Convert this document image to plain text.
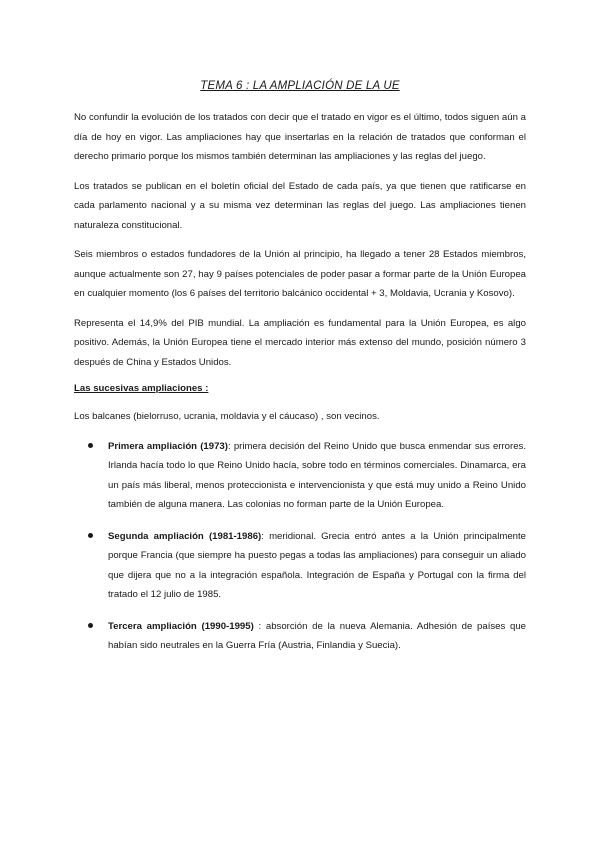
TEMA 6 : LA AMPLIACIÓN DE LA UE

No confundir la evolución de los tratados con decir que el tratado en vigor es el último, todos siguen aún a día de hoy en vigor. Las ampliaciones hay que insertarlas en la relación de tratados que conforman el derecho primario porque los mismos también determinan las ampliaciones y las reglas del juego.

Los tratados se publican en el boletín oficial del Estado de cada país, ya que tienen que ratificarse en cada parlamento nacional y a su misma vez determinan las reglas del juego. Las ampliaciones tienen naturaleza constitucional.

Seis miembros o estados fundadores de la Unión al principio, ha llegado a tener 28 Estados miembros, aunque actualmente son 27, hay 9 países potenciales de poder pasar a formar parte de la Unión Europea en cualquier momento (los 6 países del territorio balcánico occidental + 3, Moldavia, Ucrania y Kosovo).

Representa el 14,9% del PIB mundial. La ampliación es fundamental para la Unión Europea, es algo positivo. Además, la Unión Europea tiene el mercado interior más extenso del mundo, posición número 3 después de China y Estados Unidos.

Las sucesivas ampliaciones :

Los balcanes (bielorruso, ucrania, moldavia y el cáucaso) , son vecinos.

Primera ampliación (1973): primera decisión del Reino Unido que busca enmendar sus errores. Irlanda hacía todo lo que Reino Unido hacía, sobre todo en términos comerciales. Dinamarca, era un país más liberal, menos proteccionista e intervencionista y que está muy unido a Reino Unido también de alguna manera. Las colonias no forman parte de la Unión Europea.

Segunda ampliación (1981-1986): meridional. Grecia entró antes a la Unión principalmente porque Francia (que siempre ha puesto pegas a todas las ampliaciones) para conseguir un aliado que dijera que no a la integración española. Integración de España y Portugal con la firma del tratado el 12 julio de 1985.

Tercera ampliación (1990-1995) : absorción de la nueva Alemania. Adhesión de países que habían sido neutrales en la Guerra Fría (Austria, Finlandia y Suecia).
